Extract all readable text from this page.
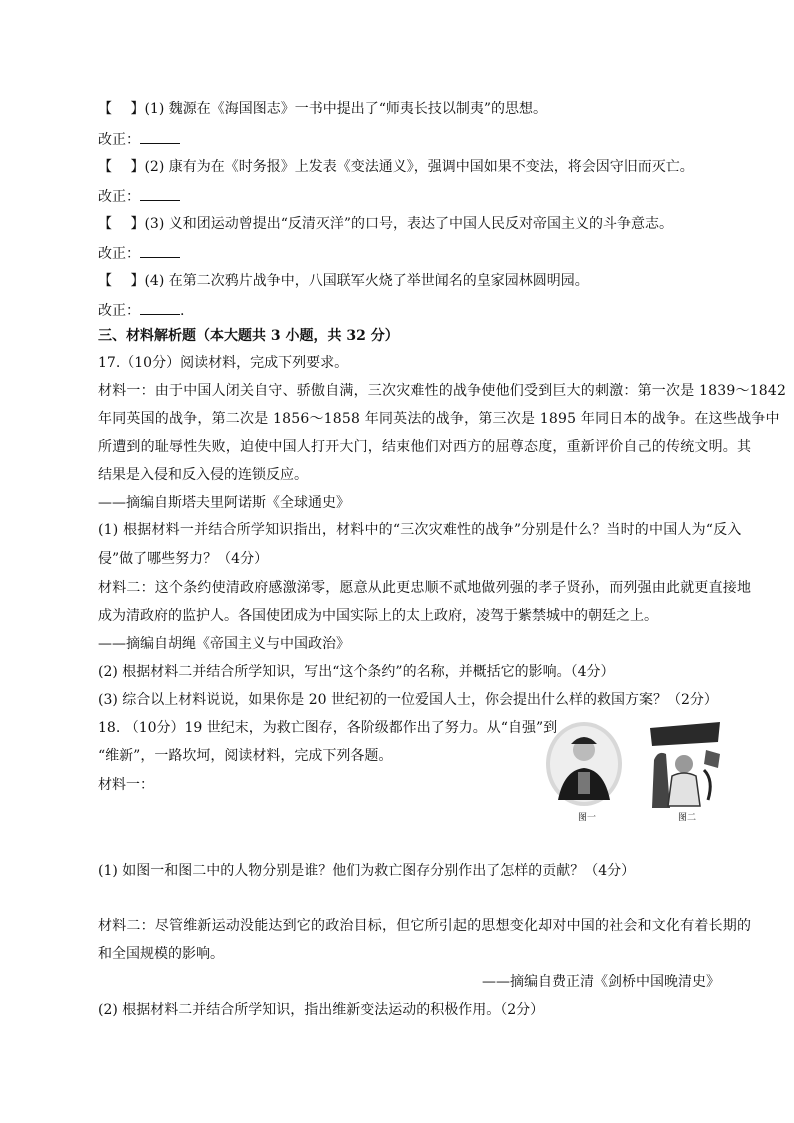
【　 】(1) 魏源在《海国图志》一书中提出了“师夷长技以制夷”的思想。
改正：
【　 】(2) 康有为在《时务报》上发表《变法通义》，强调中国如果不变法，将会因守旧而灭亡。
改正：
【　 】(3) 义和团运动曾提出“反清灭洋”的口号，表达了中国人民反对帝国主义的斗争意志。
改正：
【　 】(4) 在第二次鸦片战争中，八国联军火烧了举世闻名的皇家园林圆明园。
改正：	.
三、材料解析题（本大题共 3 小题，共 32 分）
17.（10分）阅读材料，完成下列要求。
材料一：由于中国人闭关自守、骄傲自满，三次灾难性的战争使他们受到巨大的刺激：第一次是 1839～1842
年同英国的战争，第二次是 1856～1858 年同英法的战争，第三次是 1895 年同日本的战争。在这些战争中
所遭到的耻辱性失败，迫使中国人打开大门，结束他们对西方的屈尊态度，重新评价自己的传统文明。其
结果是入侵和反入侵的连锁反应。
——摘编自斯塔夫里阿诺斯《全球通史》
(1) 根据材料一并结合所学知识指出，材料中的“三次灾难性的战争”分别是什么？当时的中国人为“反入
侵”做了哪些努力？（4分）
材料二：这个条约使清政府感激涕零，愿意从此更忠顺不贰地做列强的孝子贤孙，而列强由此就更直接地
成为清政府的监护人。各国使团成为中国实际上的太上政府，凌驾于紫禁城中的朝廷之上。
——摘编自胡绳《帝国主义与中国政治》
(2) 根据材料二并结合所学知识，写出“这个条约”的名称，并概括它的影响。（4分）
(3) 综合以上材料说说，如果你是 20 世纪初的一位爱国人士，你会提出什么样的救国方案？（2分）
18. （10分）19 世纪末，为救亡图存，各阶级都作出了努力。从“自强”到
“维新”，一路坎坷，阅读材料，完成下列各题。
材料一：
图一	图二
(1) 如图一和图二中的人物分别是谁？他们为救亡图存分别作出了怎样的贡献？（4分）
材料二：尽管维新运动没能达到它的政治目标，但它所引起的思想变化却对中国的社会和文化有着长期的
和全国规模的影响。
——摘编自费正清《剑桥中国晚清史》
(2) 根据材料二并结合所学知识，指出维新变法运动的积极作用。（2分）
